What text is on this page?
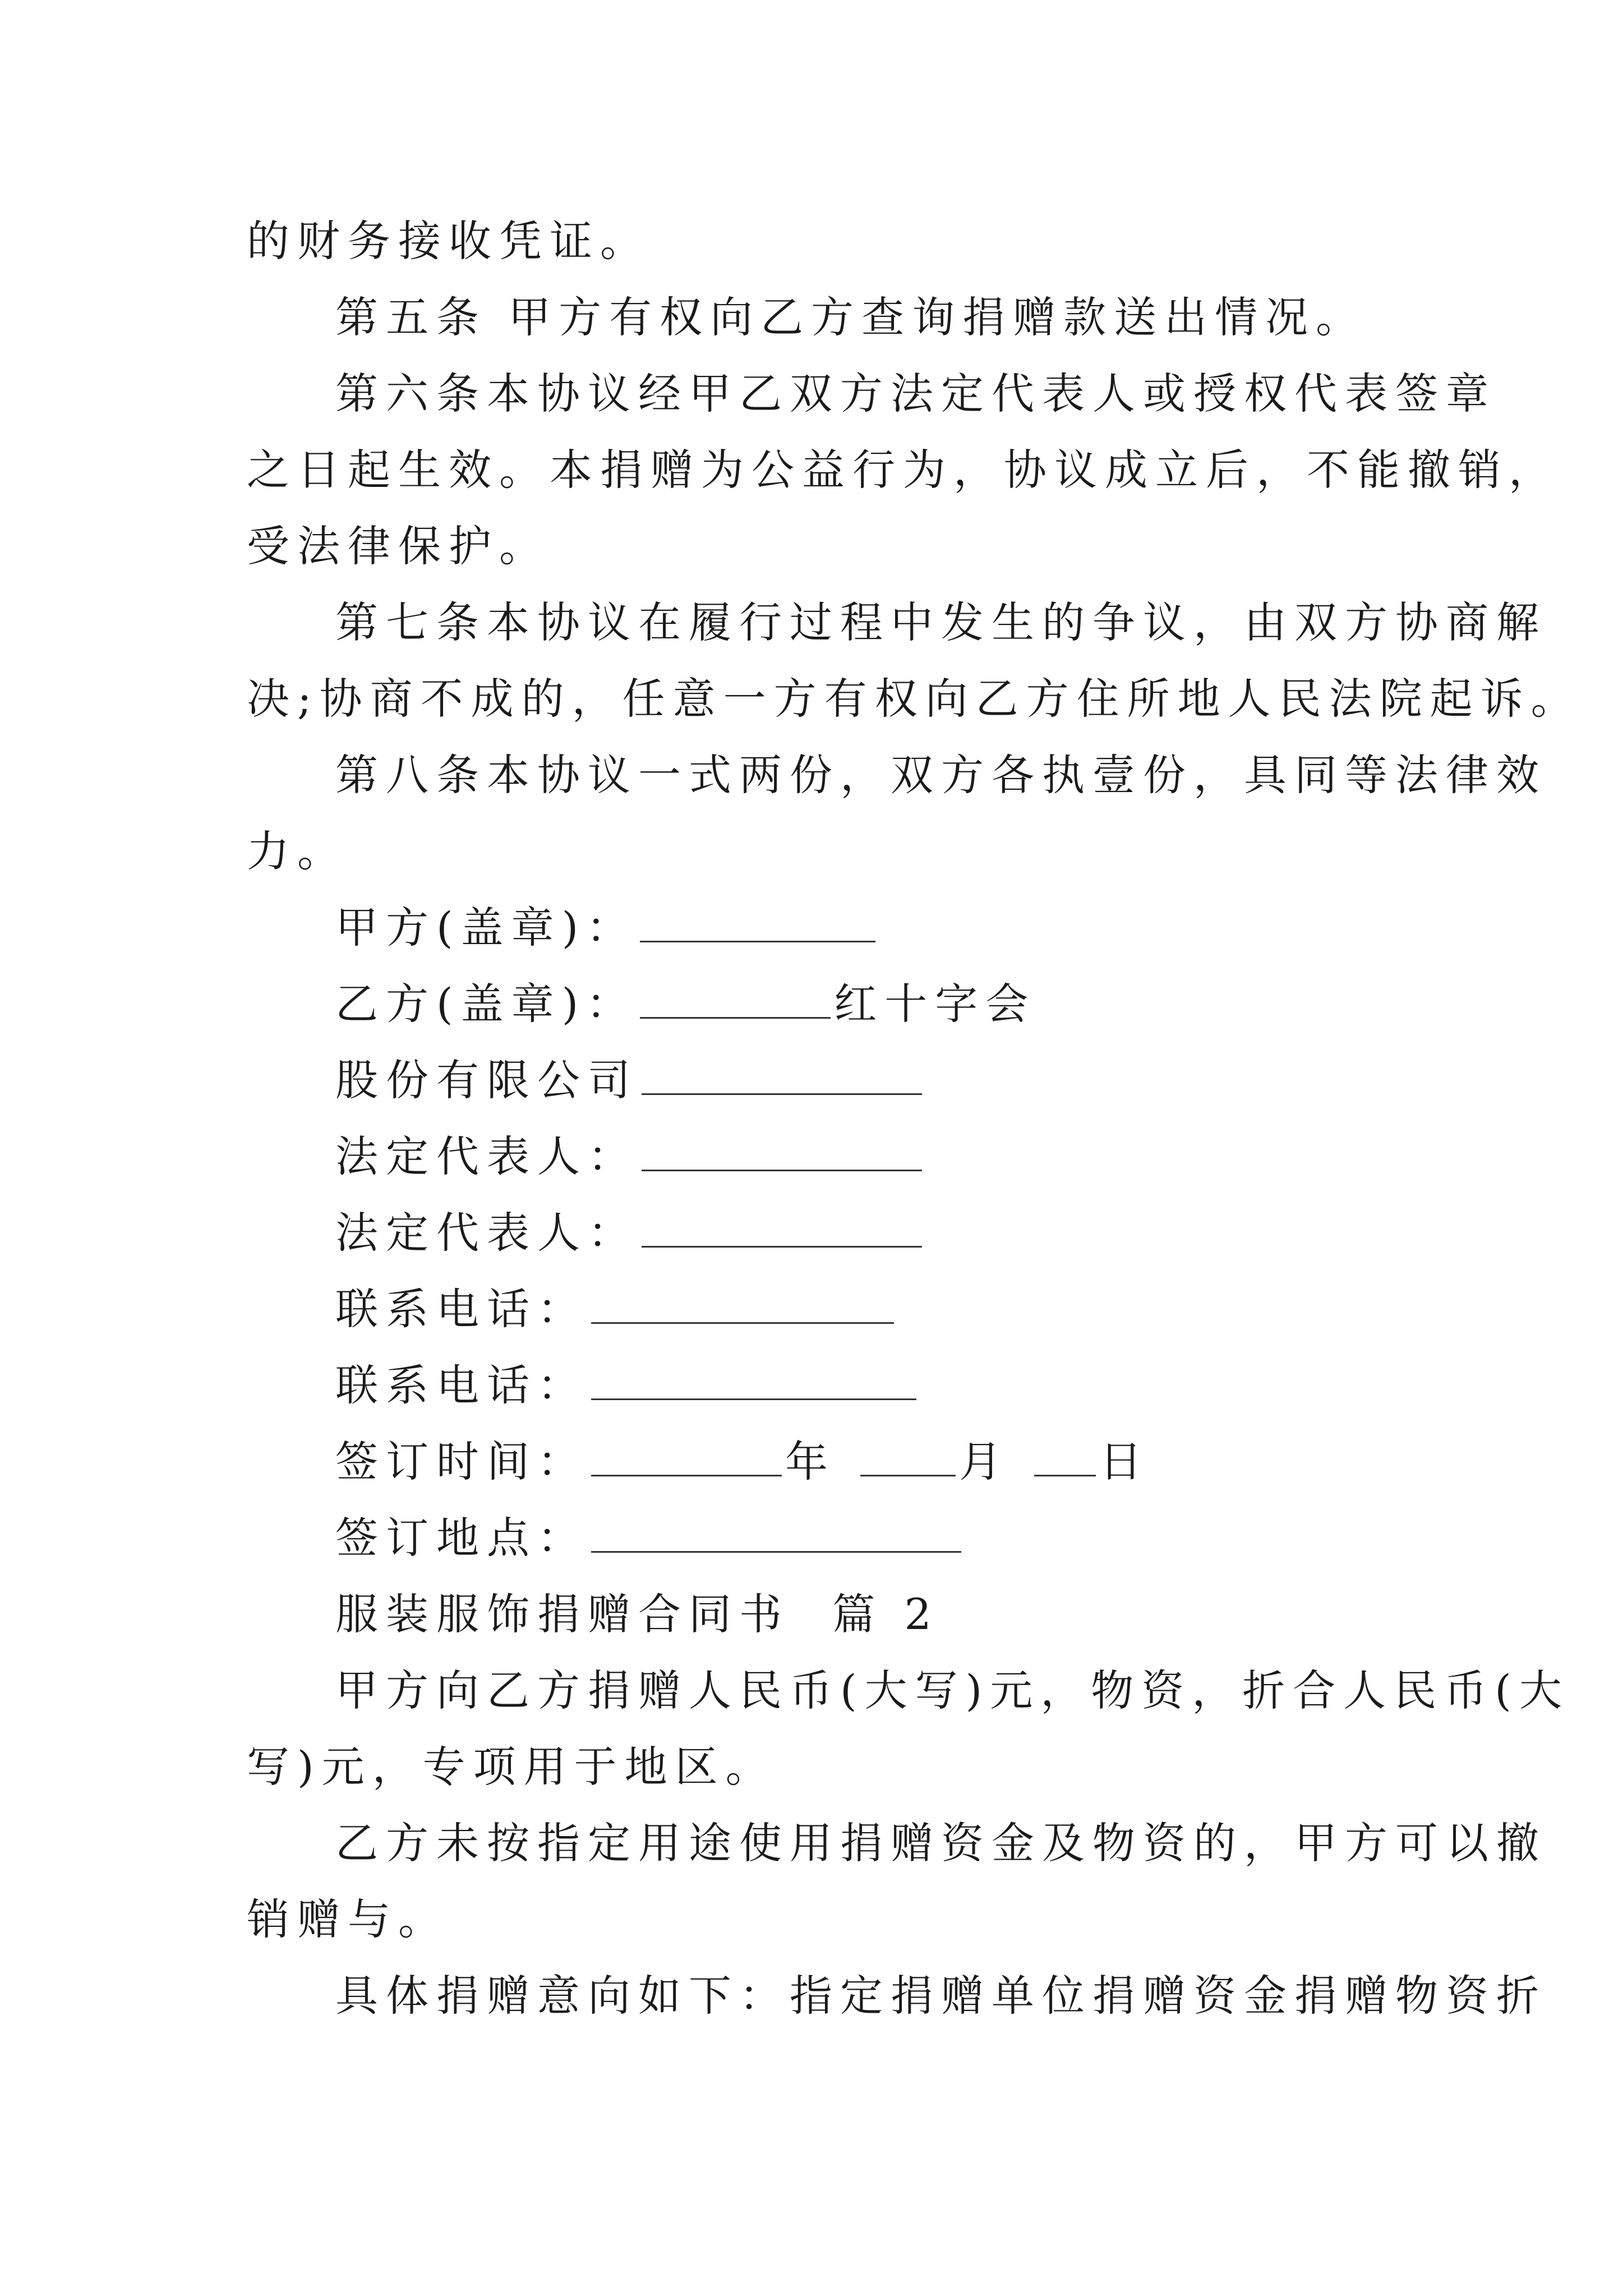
的财务接收凭证。
第五条 甲方有权向乙方查询捐赠款送出情况。
第六条本协议经甲乙双方法定代表人或授权代表签章
之日起生效。本捐赠为公益行为，协议成立后，不能撤销，
受法律保护。
第七条本协议在履行过程中发生的争议，由双方协商解
决;协商不成的，任意一方有权向乙方住所地人民法院起诉。
第八条本协议一式两份，双方各执壹份，具同等法律效
力。
甲方(盖章)：
乙方(盖章)：	红十字会
股份有限公司
法定代表人：
法定代表人：
联系电话：
联系电话：
签订时间：	年	月 日
签订地点：
服装服饰捐赠合同书  篇 2
甲方向乙方捐赠人民币(大写)元，物资，折合人民币(大
写)元，专项用于地区。
乙方未按指定用途使用捐赠资金及物资的，甲方可以撤
销赠与。
具体捐赠意向如下：指定捐赠单位捐赠资金捐赠物资折
